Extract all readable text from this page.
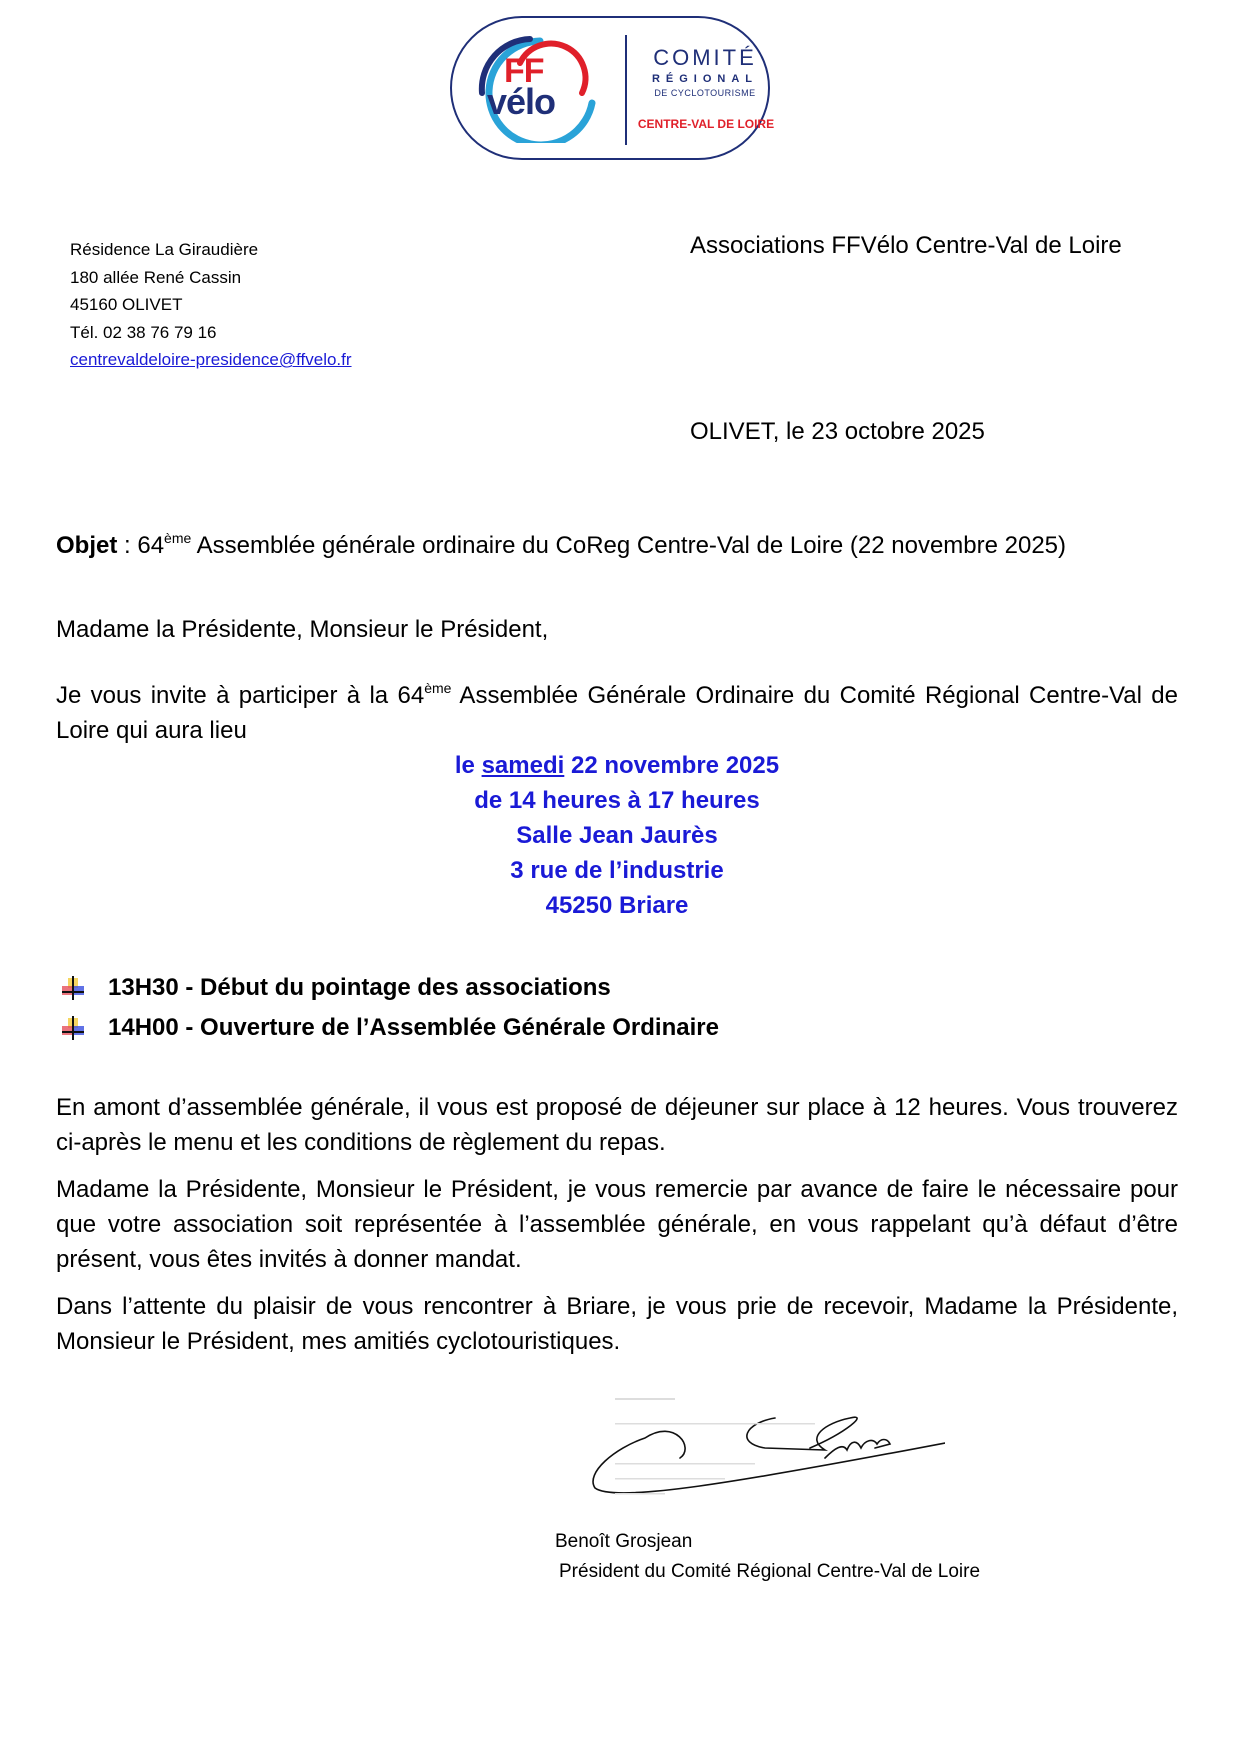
FF
vélo
COMITÉ
RÉGIONAL
DE CYCLOTOURISME
CENTRE-VAL DE LOIRE
Résidence La Giraudière
180 allée René Cassin
45160 OLIVET
Tél. 02 38 76 79 16
centrevaldeloire-presidence@ffvelo.fr
Associations FFVélo Centre-Val de Loire
OLIVET, le 23 octobre 2025
Objet : 64ème Assemblée générale ordinaire du CoReg Centre-Val de Loire (22 novembre 2025)
Madame la Présidente, Monsieur le Président,
Je vous invite à participer à la 64ème Assemblée Générale Ordinaire du Comité Régional Centre-Val de Loire qui aura lieu
le samedi 22 novembre 2025
de 14 heures à 17 heures
Salle Jean Jaurès
3 rue de l’industrie
45250 Briare
13H30 - Début du pointage des associations
14H00 - Ouverture de l’Assemblée Générale Ordinaire
En amont d’assemblée générale, il vous est proposé de déjeuner sur place à 12 heures. Vous trouverez ci-après le menu et les conditions de règlement du repas.
Madame la Présidente, Monsieur le Président, je vous remercie par avance de faire le nécessaire pour que votre association soit représentée à l’assemblée générale, en vous rappelant qu’à défaut d’être présent, vous êtes invités à donner mandat.
Dans l’attente du plaisir de vous rencontrer à Briare, je vous prie de recevoir, Madame la Présidente, Monsieur le Président, mes amitiés cyclotouristiques.
Benoît Grosjean
Président du Comité Régional Centre-Val de Loire
